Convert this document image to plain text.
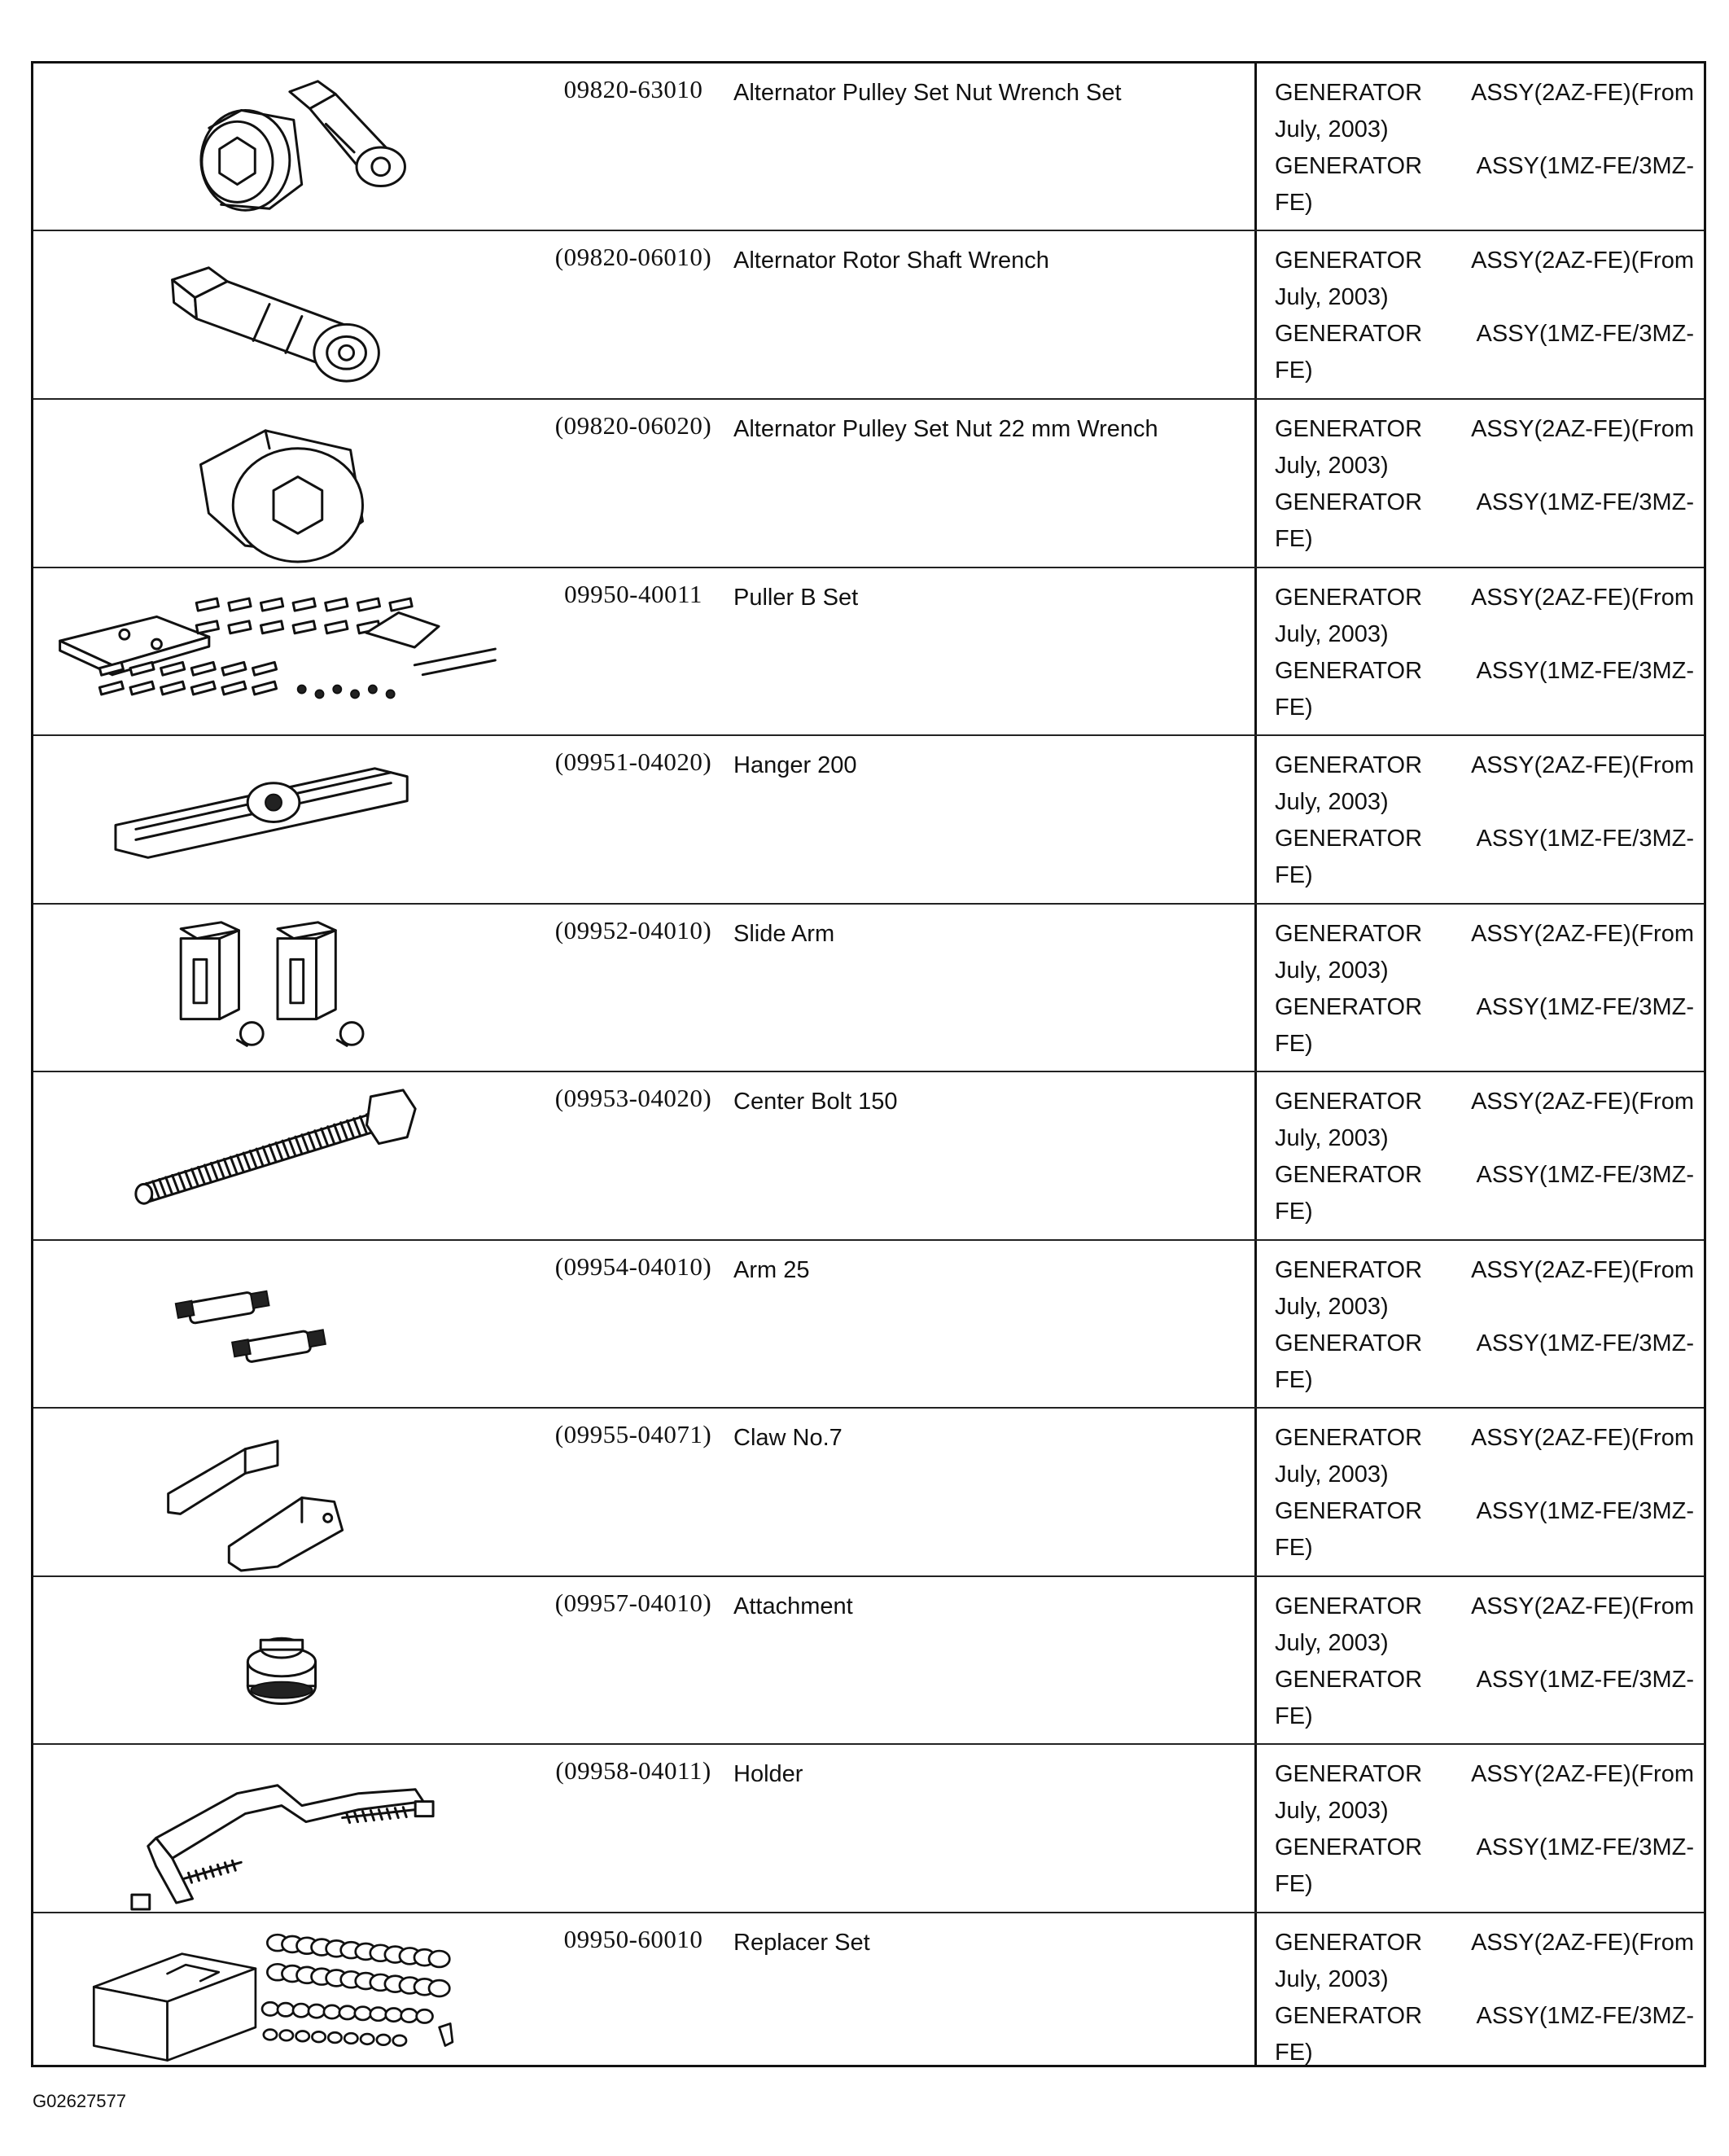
09820-63010	Alternator Pulley Set Nut Wrench Set	GENERATOR ASSY(2AZ-FE)(From
July, 2003)
GENERATOR ASSY(1MZ-FE/3MZ-
FE)
(09820-06010) Alternator Rotor Shaft Wrench	GENERATOR ASSY(2AZ-FE)(From
July, 2003)
GENERATOR ASSY(1MZ-FE/3MZ-
FE)
(09820-06020) Alternator Pulley Set Nut 22 mm Wrench	GENERATOR ASSY(2AZ-FE)(From
July, 2003)
GENERATOR ASSY(1MZ-FE/3MZ-
FE)
09950-40011	Puller B Set	GENERATOR ASSY(2AZ-FE)(From
July, 2003)
GENERATOR ASSY(1MZ-FE/3MZ-
FE)
(09951-04020) Hanger 200	GENERATOR ASSY(2AZ-FE)(From
July, 2003)
GENERATOR ASSY(1MZ-FE/3MZ-
FE)
(09952-04010) Slide Arm	GENERATOR ASSY(2AZ-FE)(From
July, 2003)
GENERATOR ASSY(1MZ-FE/3MZ-
FE)
(09953-04020) Center Bolt 150	GENERATOR ASSY(2AZ-FE)(From
July, 2003)
GENERATOR ASSY(1MZ-FE/3MZ-
FE)
(09954-04010) Arm 25	GENERATOR ASSY(2AZ-FE)(From
July, 2003)
GENERATOR ASSY(1MZ-FE/3MZ-
FE)
(09955-04071) Claw No.7	GENERATOR ASSY(2AZ-FE)(From
July, 2003)
GENERATOR ASSY(1MZ-FE/3MZ-
FE)
(09957-04010) Attachment	GENERATOR ASSY(2AZ-FE)(From
July, 2003)
GENERATOR ASSY(1MZ-FE/3MZ-
FE)
(09958-04011) Holder	GENERATOR ASSY(2AZ-FE)(From
July, 2003)
GENERATOR ASSY(1MZ-FE/3MZ-
FE)
09950-60010	Replacer Set	GENERATOR ASSY(2AZ-FE)(From
July, 2003)
GENERATOR ASSY(1MZ-FE/3MZ-
FE)
G02627577
